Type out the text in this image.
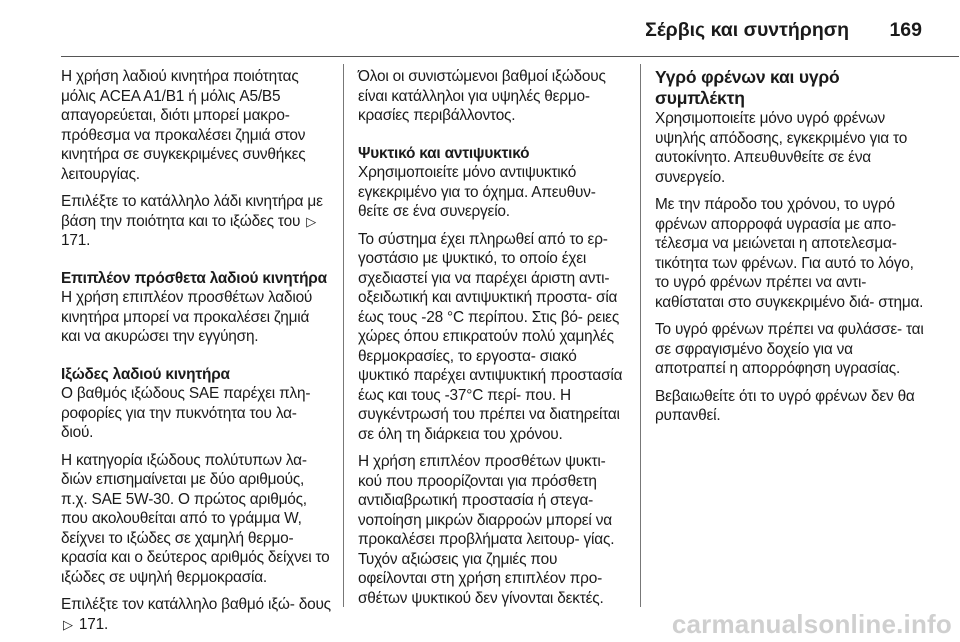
Σέρβις και συντήρηση 169

Η χρήση λαδιού κινητήρα ποιότητας μόλις ACEA A1/B1 ή μόλις A5/B5 απαγορεύεται, διότι μπορεί μακρο- πρόθεσμα να προκαλέσει ζημιά στον κινητήρα σε συγκεκριμένες συνθήκες λειτουργίας.

Επιλέξτε το κατάλληλο λάδι κινητήρα με βάση την ποιότητα και το ιξώδες του ▷ 171.

Επιπλέον πρόσθετα λαδιού κινητήρα

Η χρήση επιπλέον προσθέτων λαδιού κινητήρα μπορεί να προκαλέσει ζημιά και να ακυρώσει την εγγύηση.

Ιξώδες λαδιού κινητήρα

Ο βαθμός ιξώδους SAE παρέχει πλη- ροφορίες για την πυκνότητα του λα- διού.

Η κατηγορία ιξώδους πολύτυπων λα- διών επισημαίνεται με δύο αριθμούς, π.χ. SAE 5W-30. Ο πρώτος αριθμός, που ακολουθείται από το γράμμα W, δείχνει το ιξώδες σε χαμηλή θερμο- κρασία και ο δεύτερος αριθμός δείχνει το ιξώδες σε υψηλή θερμοκρασία.

Επιλέξτε τον κατάλληλο βαθμό ιξώ- δους ▷ 171.

Όλοι οι συνιστώμενοι βαθμοί ιξώδους είναι κατάλληλοι για υψηλές θερμο- κρασίες περιβάλλοντος.

Ψυκτικό και αντιψυκτικό

Χρησιμοποιείτε μόνο αντιψυκτικό εγκεκριμένο για το όχημα. Απευθυν- θείτε σε ένα συνεργείο.

Το σύστημα έχει πληρωθεί από το ερ- γοστάσιο με ψυκτικό, το οποίο έχει σχεδιαστεί για να παρέχει άριστη αντι- οξειδωτική και αντιψυκτική προστα- σία έως τους -28 °C περίπου. Στις βό- ρειες χώρες όπου επικρατούν πολύ χαμηλές θερμοκρασίες, το εργοστα- σιακό ψυκτικό παρέχει αντιψυκτική προστασία έως και τους -37°C περί- που. Η συγκέντρωσή του πρέπει να διατηρείται σε όλη τη διάρκεια του χρόνου.

Η χρήση επιπλέον προσθέτων ψυκτι- κού που προορίζονται για πρόσθετη αντιδιαβρωτική προστασία ή στεγα- νοποίηση μικρών διαρροών μπορεί να προκαλέσει προβλήματα λειτουρ- γίας. Τυχόν αξιώσεις για ζημιές που οφείλονται στη χρήση επιπλέον προ- σθέτων ψυκτικού δεν γίνονται δεκτές.

Υγρό φρένων και υγρό συμπλέκτη

Χρησιμοποιείτε μόνο υγρό φρένων υψηλής απόδοσης, εγκεκριμένο για το αυτοκίνητο. Απευθυνθείτε σε ένα συνεργείο.

Με την πάροδο του χρόνου, το υγρό φρένων απορροφά υγρασία με απο- τέλεσμα να μειώνεται η αποτελεσμα- τικότητα των φρένων. Για αυτό το λόγο, το υγρό φρένων πρέπει να αντι- καθίσταται στο συγκεκριμένο διά- στημα.

Το υγρό φρένων πρέπει να φυλάσσε- ται σε σφραγισμένο δοχείο για να αποτραπεί η απορρόφηση υγρασίας.

Βεβαιωθείτε ότι το υγρό φρένων δεν θα ρυπανθεί.

carmanualsonline.info
